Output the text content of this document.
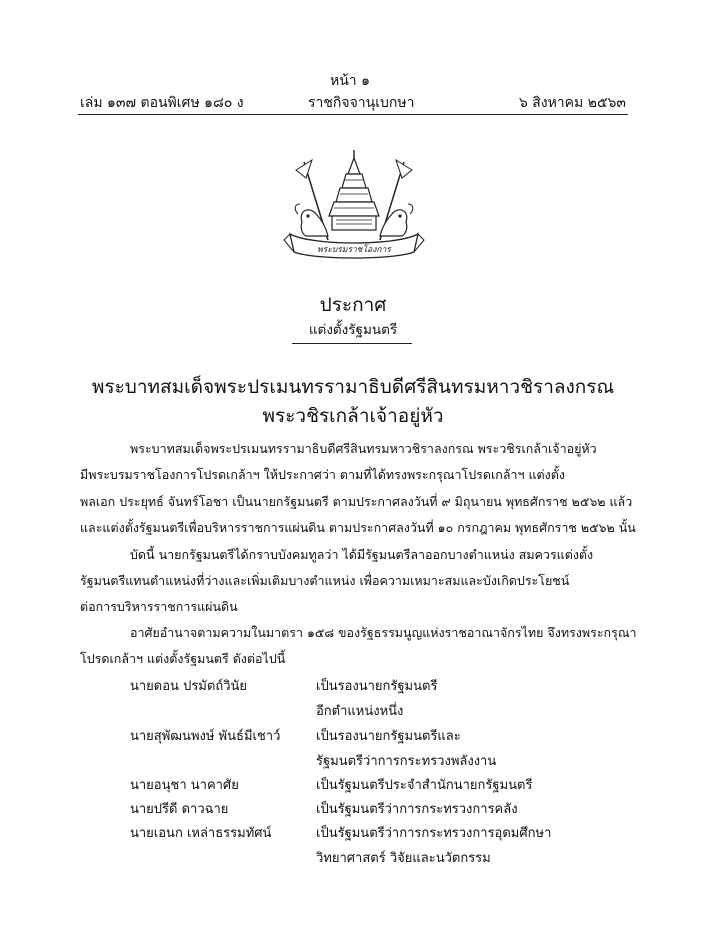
หน้า ๑
เล่ม ๑๓๗ ตอนพิเศษ ๑๘๐ ง	ราชกิจจานุเบกษา	๖ สิงหาคม ๒๕๖๓
พระบรมราชโองการ
ประกาศ
แต่งตั้งรัฐมนตรี
พระบาทสมเด็จพระปรเมนทรรามาธิบดีศรีสินทรมหาวชิราลงกรณ
พระวชิรเกล้าเจ้าอยู่หัว
พระบาทสมเด็จพระปรเมนทรรามาธิบดีศรีสินทรมหาวชิราลงกรณ พระวชิรเกล้าเจ้าอยู่หัว
มีพระบรมราชโองการโปรดเกล้าฯ ให้ประกาศว่า ตามที่ได้ทรงพระกรุณาโปรดเกล้าฯ แต่งตั้ง
พลเอก ประยุทธ์ จันทร์โอชา เป็นนายกรัฐมนตรี ตามประกาศลงวันที่ ๙ มิถุนายน พุทธศักราช ๒๕๖๒ แล้ว
และแต่งตั้งรัฐมนตรีเพื่อบริหารราชการแผ่นดิน ตามประกาศลงวันที่ ๑๐ กรกฎาคม พุทธศักราช ๒๕๖๒ นั้น
บัดนี้ นายกรัฐมนตรีได้กราบบังคมทูลว่า ได้มีรัฐมนตรีลาออกบางตำแหน่ง สมควรแต่งตั้ง
รัฐมนตรีแทนตำแหน่งที่ว่างและเพิ่มเติมบางตำแหน่ง เพื่อความเหมาะสมและบังเกิดประโยชน์
ต่อการบริหารราชการแผ่นดิน
อาศัยอำนาจตามความในมาตรา ๑๕๘ ของรัฐธรรมนูญแห่งราชอาณาจักรไทย จึงทรงพระกรุณา
โปรดเกล้าฯ แต่งตั้งรัฐมนตรี ดังต่อไปนี้
นายดอน ปรมัตถ์วินัย	เป็นรองนายกรัฐมนตรี
อีกตำแหน่งหนึ่ง
นายสุพัฒนพงษ์ พันธ์มีเชาว์	เป็นรองนายกรัฐมนตรีและ
รัฐมนตรีว่าการกระทรวงพลังงาน
นายอนุชา นาคาศัย	เป็นรัฐมนตรีประจำสำนักนายกรัฐมนตรี
นายปรีดี ดาวฉาย	เป็นรัฐมนตรีว่าการกระทรวงการคลัง
นายเอนก เหล่าธรรมทัศน์	เป็นรัฐมนตรีว่าการกระทรวงการอุดมศึกษา
วิทยาศาสตร์ วิจัยและนวัตกรรม
